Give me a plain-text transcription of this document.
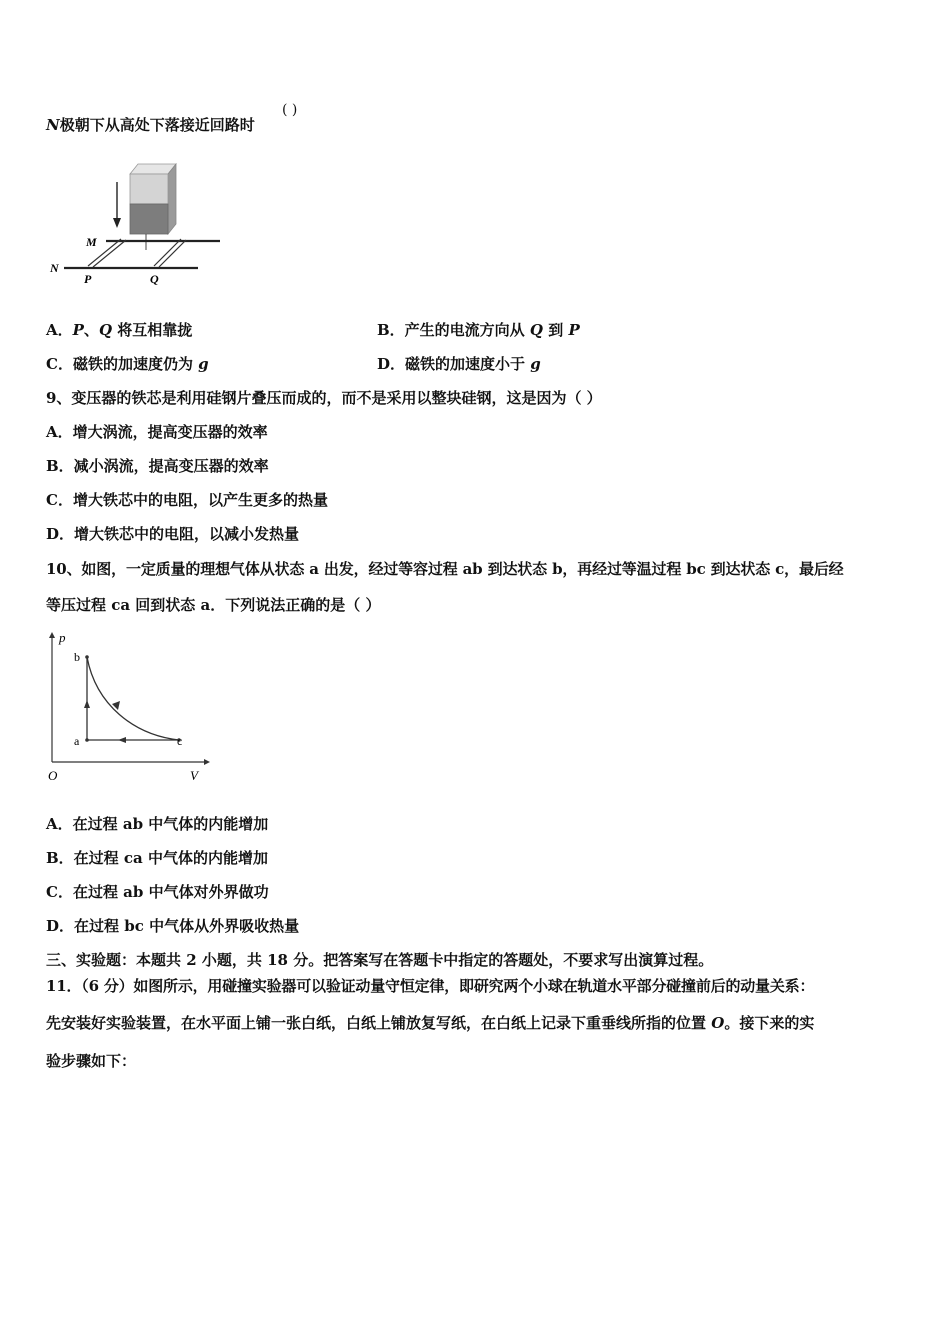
N极朝下从高处下落接近回路时
( )
M
N
P	Q
A．P、Q 将互相靠拢	B．产生的电流方向从 Q 到 P
C．磁铁的加速度仍为 g	D．磁铁的加速度小于 g
9、变压器的铁芯是利用硅钢片叠压而成的，而不是采用以整块硅钢，这是因为（ ）
A．增大涡流，提高变压器的效率
B．减小涡流，提高变压器的效率
C．增大铁芯中的电阻，以产生更多的热量
D．增大铁芯中的电阻，以减小发热量
10、如图，一定质量的理想气体从状态 a 出发，经过等容过程 ab 到达状态 b，再经过等温过程 bc 到达状态 c，最后经
等压过程 ca 回到状态 a．下列说法正确的是（ ）
p
V
O
b
a	c
A．在过程 ab 中气体的内能增加
B．在过程 ca 中气体的内能增加
C．在过程 ab 中气体对外界做功
D．在过程 bc 中气体从外界吸收热量
三、实验题：本题共 2 小题，共 18 分。把答案写在答题卡中指定的答题处，不要求写出演算过程。
11．（6 分）如图所示，用碰撞实验器可以验证动量守恒定律，即研究两个小球在轨道水平部分碰撞前后的动量关系：
先安装好实验装置，在水平面上铺一张白纸，白纸上铺放复写纸，在白纸上记录下重垂线所指的位置 O。接下来的实
验步骤如下：
